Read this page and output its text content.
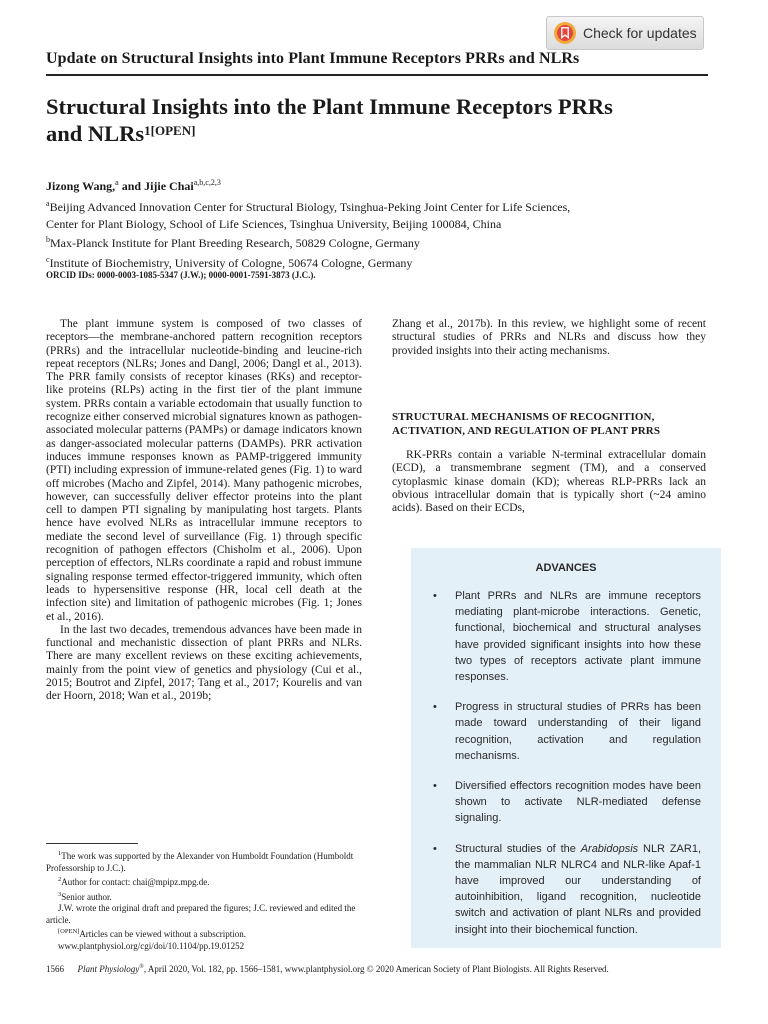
Check for updates
Update on Structural Insights into Plant Immune Receptors PRRs and NLRs
Structural Insights into the Plant Immune Receptors PRRs
and NLRs$^{1[OPEN]}$
Jizong Wang,$^a$ and Jijie Chai$^{a,b,c,2,3}$
$^a$Beijing Advanced Innovation Center for Structural Biology, Tsinghua-Peking Joint Center for Life Sciences,
Center for Plant Biology, School of Life Sciences, Tsinghua University, Beijing 100084, China
$^b$Max-Planck Institute for Plant Breeding Research, 50829 Cologne, Germany
$^c$Institute of Biochemistry, University of Cologne, 50674 Cologne, Germany
ORCID IDs: 0000-0003-1085-5347 (J.W.); 0000-0001-7591-3873 (J.C.).

The plant immune system is composed of two classes of receptors—the membrane-anchored pattern recognition receptors (PRRs) and the intracellular nucleotide-binding and leucine-rich repeat receptors (NLRs; Jones and Dangl, 2006; Dangl et al., 2013). The PRR family consists of receptor kinases (RKs) and receptor-like proteins (RLPs) acting in the first tier of the plant immune system. PRRs contain a variable ectodomain that usually function to recognize either conserved microbial signatures known as pathogen-associated molecular patterns (PAMPs) or damage indicators known as danger-associated molecular patterns (DAMPs). PRR activation induces immune responses known as PAMP-triggered immunity (PTI) including expression of immune-related genes (Fig. 1) to ward off microbes (Macho and Zipfel, 2014). Many pathogenic microbes, however, can successfully deliver effector proteins into the plant cell to dampen PTI signaling by manipulating host targets. Plants hence have evolved NLRs as intracellular immune receptors to mediate the second level of surveillance (Fig. 1) through specific recognition of pathogen effectors (Chisholm et al., 2006). Upon perception of effectors, NLRs coordinate a rapid and robust immune signaling response termed effector-triggered immunity, which often leads to hypersensitive response (HR, local cell death at the infection site) and limitation of pathogenic microbes (Fig. 1; Jones et al., 2016).

In the last two decades, tremendous advances have been made in functional and mechanistic dissection of plant PRRs and NLRs. There are many excellent reviews on these exciting achievements, mainly from the point view of genetics and physiology (Cui et al., 2015; Boutrot and Zipfel, 2017; Tang et al., 2017; Kourelis and van der Hoorn, 2018; Wan et al., 2019b;

Zhang et al., 2017b). In this review, we highlight some of recent structural studies of PRRs and NLRs and discuss how they provided insights into their acting mechanisms.

STRUCTURAL MECHANISMS OF RECOGNITION, ACTIVATION, AND REGULATION OF PLANT PRRS

RK-PRRs contain a variable N-terminal extracellular domain (ECD), a transmembrane segment (TM), and a conserved cytoplasmic kinase domain (KD); whereas RLP-PRRs lack an obvious intracellular domain that is typically short (~24 amino acids). Based on their ECDs,

ADVANCES
• Plant PRRs and NLRs are immune receptors mediating plant-microbe interactions. Genetic, functional, biochemical and structural analyses have provided significant insights into how these two types of receptors activate plant immune responses.
• Progress in structural studies of PRRs has been made toward understanding of their ligand recognition, activation and regulation mechanisms.
• Diversified effectors recognition modes have been shown to activate NLR-mediated defense signaling.
• Structural studies of the Arabidopsis NLR ZAR1, the mammalian NLR NLRC4 and NLR-like Apaf-1 have improved our understanding of autoinhibition, ligand recognition, nucleotide switch and activation of plant NLRs and provided insight into their biochemical function.
$^1$The work was supported by the Alexander von Humboldt Foundation (Humboldt Professorship to J.C.).
$^2$Author for contact: chai@mpipz.mpg.de.
$^3$Senior author.
J.W. wrote the original draft and prepared the figures; J.C. reviewed and edited the article.
[OPEN]Articles can be viewed without a subscription.
www.plantphysiol.org/cgi/doi/10.1104/pp.19.01252
1566 Plant Physiology®, April 2020, Vol. 182, pp. 1566–1581, www.plantphysiol.org © 2020 American Society of Plant Biologists. All Rights Reserved.
